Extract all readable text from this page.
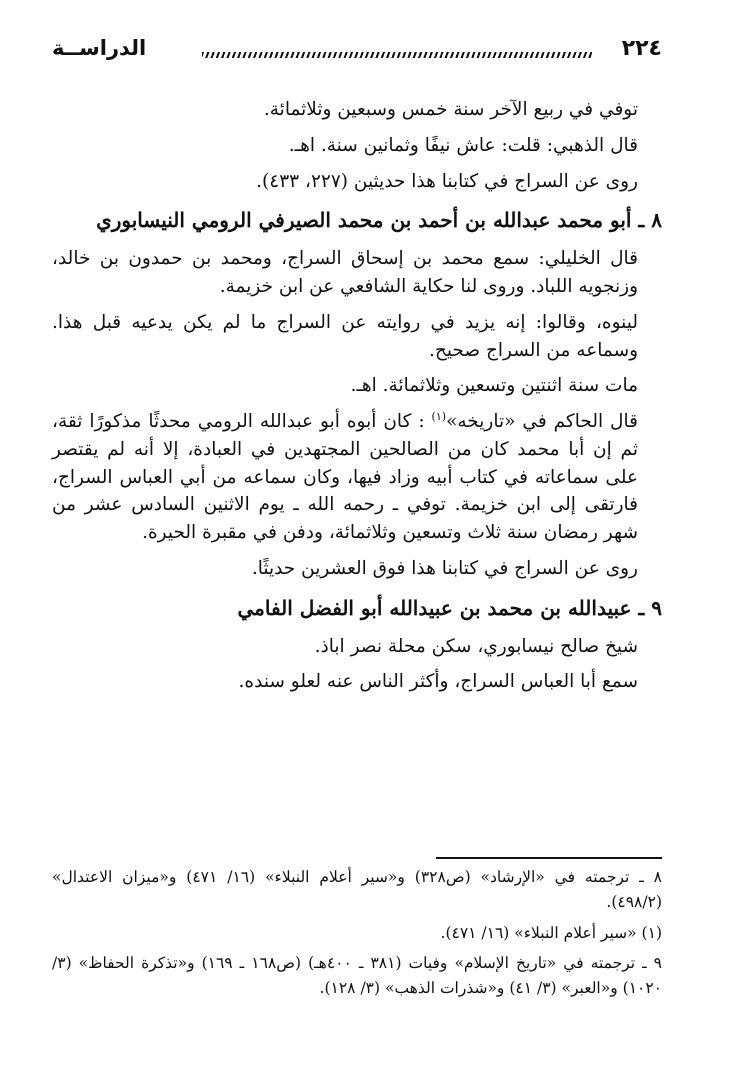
٢٢٤
الدراســة

توفي في ربيع الآخر سنة خمس وسبعين وثلاثمائة.

قال الذهبي: قلت: عاش نيفًا وثمانين سنة. اهـ.

روى عن السراج في كتابنا هذا حديثين (٢٢٧، ٤٣٣).

٨ ـ أبو محمد عبدالله بن أحمد بن محمد الصيرفي الرومي النيسابوري

قال الخليلي: سمع محمد بن إسحاق السراج، ومحمد بن حمدون بن خالد، وزنجويه اللباد. وروى لنا حكاية الشافعي عن ابن خزيمة.

لينوه، وقالوا: إنه يزيد في روايته عن السراج ما لم يكن يدعيه قبل هذا. وسماعه من السراج صحيح.

مات سنة اثنتين وتسعين وثلاثمائة. اهـ.

قال الحاكم في «تاريخه»$^{(١)}$ : كان أبوه أبو عبدالله الرومي محدثًا مذكورًا ثقة، ثم إن أبا محمد كان من الصالحين المجتهدين في العبادة، إلا أنه لم يقتصر على سماعاته في كتاب أبيه وزاد فيها، وكان سماعه من أبي العباس السراج، فارتقى إلى ابن خزيمة. توفي ـ رحمه الله ـ يوم الاثنين السادس عشر من شهر رمضان سنة ثلاث وتسعين وثلاثمائة، ودفن في مقبرة الحيرة.

روى عن السراج في كتابنا هذا فوق العشرين حديثًا.

٩ ـ عبيدالله بن محمد بن عبيدالله أبو الفضل الفامي

شيخ صالح نيسابوري، سكن محلة نصر اباذ.

سمع أبا العباس السراج، وأكثر الناس عنه لعلو سنده.

٨ ـ ترجمته في «الإرشاد» (ص٣٢٨) و«سير أعلام النبلاء» (١٦/ ٤٧١) و«ميزان الاعتدال» (٤٩٨/٢).

(١) «سير أعلام النبلاء» (١٦/ ٤٧١).

٩ ـ ترجمته في «تاريخ الإسلام» وفيات (٣٨١ ـ ٤٠٠هـ) (ص١٦٨ ـ ١٦٩) و«تذكرة الحفاظ» (٣/ ١٠٢٠) و«العبر» (٣/ ٤١) و«شذرات الذهب» (٣/ ١٢٨).
